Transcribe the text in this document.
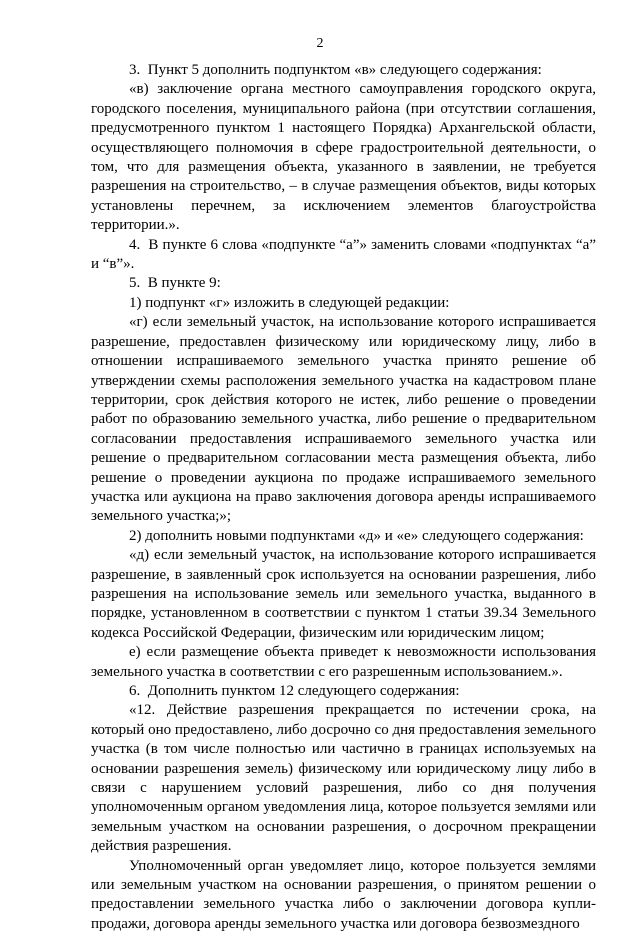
2

3.  Пункт 5 дополнить подпунктом «в» следующего содержания:

«в) заключение органа местного самоуправления городского округа, городского поселения, муниципального района (при отсутствии соглашения, предусмотренного пунктом 1 настоящего Порядка) Архангельской области, осуществляющего полномочия в сфере градостроительной деятельности, о том, что для размещения объекта, указанного в заявлении, не требуется разрешения на строительство, – в случае размещения объектов, виды которых установлены перечнем, за исключением элементов благоустройства территории.».

4.  В пункте 6 слова «подпункте “а”» заменить словами «подпунктах “а” и “в”».

5.  В пункте 9:

1) подпункт «г» изложить в следующей редакции:

«г) если земельный участок, на использование которого испрашивается разрешение, предоставлен физическому или юридическому лицу, либо в отношении испрашиваемого земельного участка принято решение об утверждении схемы расположения земельного участка на кадастровом плане территории, срок действия которого не истек, либо решение о проведении работ по образованию земельного участка, либо решение о предварительном согласовании предоставления испрашиваемого земельного участка или решение о предварительном согласовании места размещения объекта, либо решение о проведении аукциона по продаже испрашиваемого земельного участка или аукциона на право заключения договора аренды испрашиваемого земельного участка;»;

2) дополнить новыми подпунктами «д» и «е» следующего содержания:

«д) если земельный участок, на использование которого испрашивается разрешение, в заявленный срок используется на основании разрешения, либо разрешения на использование земель или земельного участка, выданного в порядке, установленном в соответствии с пунктом 1 статьи 39.34 Земельного кодекса Российской Федерации, физическим или юридическим лицом;

е) если размещение объекта приведет к невозможности использования земельного участка в соответствии с его разрешенным использованием.».

6.  Дополнить пунктом 12 следующего содержания:

«12. Действие разрешения прекращается по истечении срока, на который оно предоставлено, либо досрочно со дня предоставления земельного участка (в том числе полностью или частично в границах используемых на основании разрешения земель) физическому или юридическому лицу либо в связи с нарушением условий разрешения, либо со дня получения уполномоченным органом уведомления лица, которое пользуется землями или земельным участком на основании разрешения, о досрочном прекращении действия разрешения.

Уполномоченный орган уведомляет лицо, которое пользуется землями или земельным участком на основании разрешения, о принятом решении о предоставлении земельного участка либо о заключении договора купли-продажи, договора аренды земельного участка или договора безвозмездного
